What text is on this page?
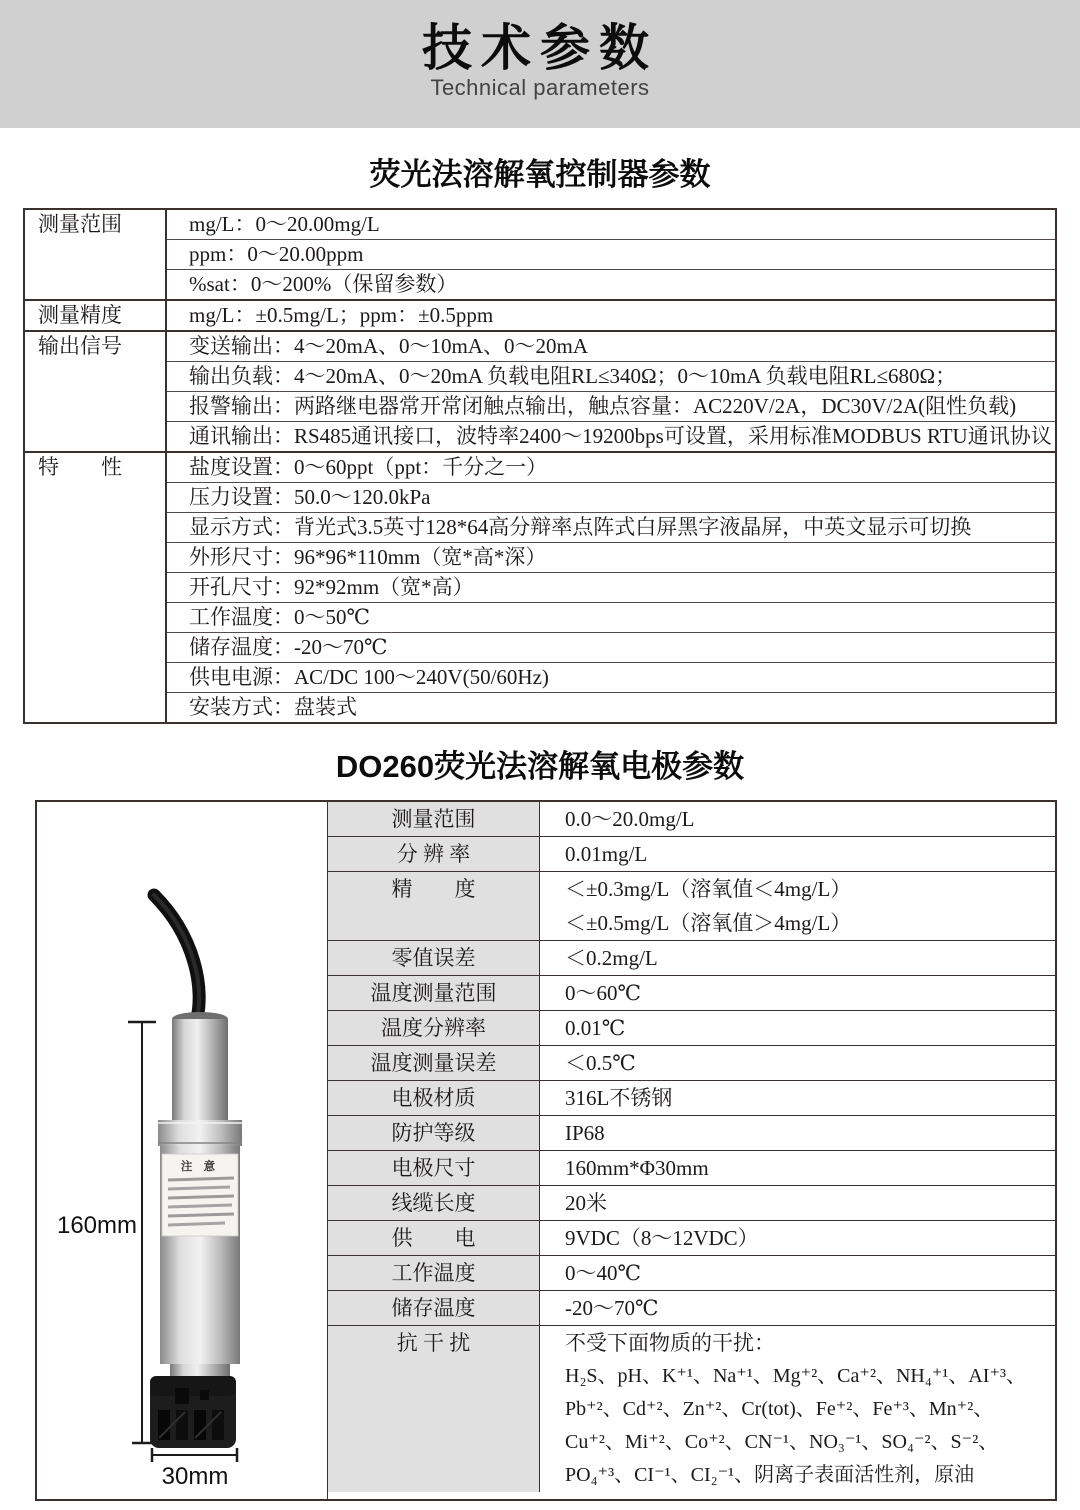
技术参数
Technical parameters
荧光法溶解氧控制器参数
测量范围	mg/L：0～20.00mg/L
ppm：0～20.00ppm
%sat：0～200%（保留参数）
测量精度	mg/L：±0.5mg/L；ppm：±0.5ppm
输出信号	变送输出：4～20mA、0～10mA、0～20mA
输出负载：4～20mA、0～20mA 负载电阻RL≤340Ω；0～10mA 负载电阻RL≤680Ω；
报警输出：两路继电器常开常闭触点输出，触点容量：AC220V/2A，DC30V/2A(阻性负载)
通讯输出：RS485通讯接口，波特率2400～19200bps可设置，采用标准MODBUS RTU通讯协议
特　　性	盐度设置：0～60ppt（ppt：千分之一）
压力设置：50.0～120.0kPa
显示方式：背光式3.5英寸128*64高分辩率点阵式白屏黑字液晶屏，中英文显示可切换
外形尺寸：96*96*110mm（宽*高*深）
开孔尺寸：92*92mm（宽*高）
工作温度：0～50℃
储存温度：-20～70℃
供电电源：AC/DC 100～240V(50/60Hz)
安装方式：盘装式
DO260荧光法溶解氧电极参数
注 意
160mm
30mm
测量范围	0.0～20.0mg/L
分 辨 率	0.01mg/L
精　　度	＜±0.3mg/L（溶氧值＜4mg/L）
＜±0.5mg/L（溶氧值＞4mg/L）
零值误差	＜0.2mg/L
温度测量范围	0～60℃
温度分辨率	0.01℃
温度测量误差	＜0.5℃
电极材质	316L不锈钢
防护等级	IP68
电极尺寸	160mm*Φ30mm
线缆长度	20米
供　　电	9VDC（8～12VDC）
工作温度	0～40℃
储存温度	-20～70℃
抗 干 扰	不受下面物质的干扰：
H₂S、pH、K⁺¹、Na⁺¹、Mg⁺²、Ca⁺²、NH₄⁺¹、AI⁺³、
Pb⁺²、Cd⁺²、Zn⁺²、Cr(tot)、Fe⁺²、Fe⁺³、Mn⁺²、
Cu⁺²、Mi⁺²、Co⁺²、CN⁻¹、NO₃⁻¹、SO₄⁻²、S⁻²、
PO₄⁺³、CI⁻¹、CI₂⁻¹、阴离子表面活性剂，原油
